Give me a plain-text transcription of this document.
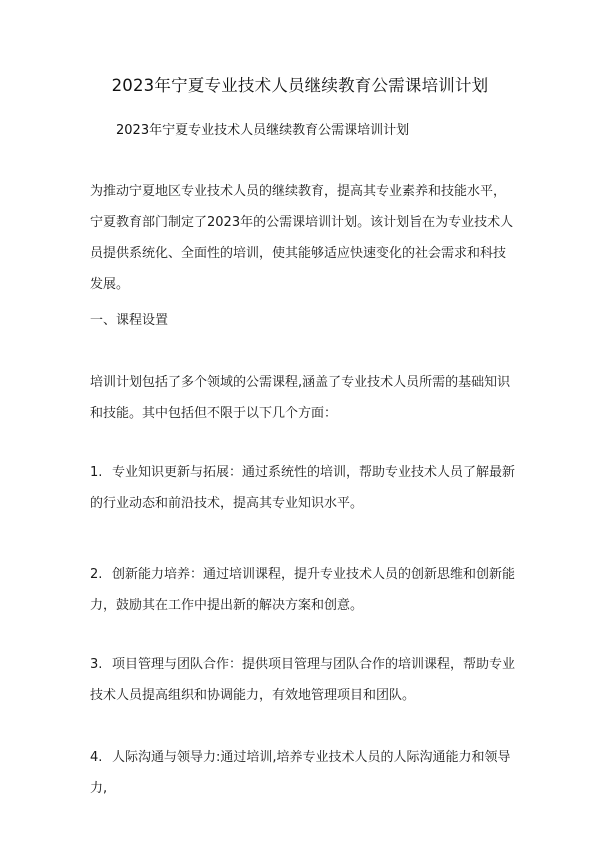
2023年宁夏专业技术人员继续教育公需课培训计划
2023年宁夏专业技术人员继续教育公需课培训计划
为推动宁夏地区专业技术人员的继续教育，提高其专业素养和技能水平，宁夏教育部门制定了2023年的公需课培训计划。该计划旨在为专业技术人员提供系统化、全面性的培训，使其能够适应快速变化的社会需求和科技发展。
一、课程设置
培训计划包括了多个领域的公需课程,涵盖了专业技术人员所需的基础知识和技能。其中包括但不限于以下几个方面：
1. 专业知识更新与拓展：通过系统性的培训，帮助专业技术人员了解最新的行业动态和前沿技术，提高其专业知识水平。
2. 创新能力培养：通过培训课程，提升专业技术人员的创新思维和创新能力，鼓励其在工作中提出新的解决方案和创意。
3. 项目管理与团队合作：提供项目管理与团队合作的培训课程，帮助专业技术人员提高组织和协调能力，有效地管理项目和团队。
4. 人际沟通与领导力:通过培训,培养专业技术人员的人际沟通能力和领导力,
